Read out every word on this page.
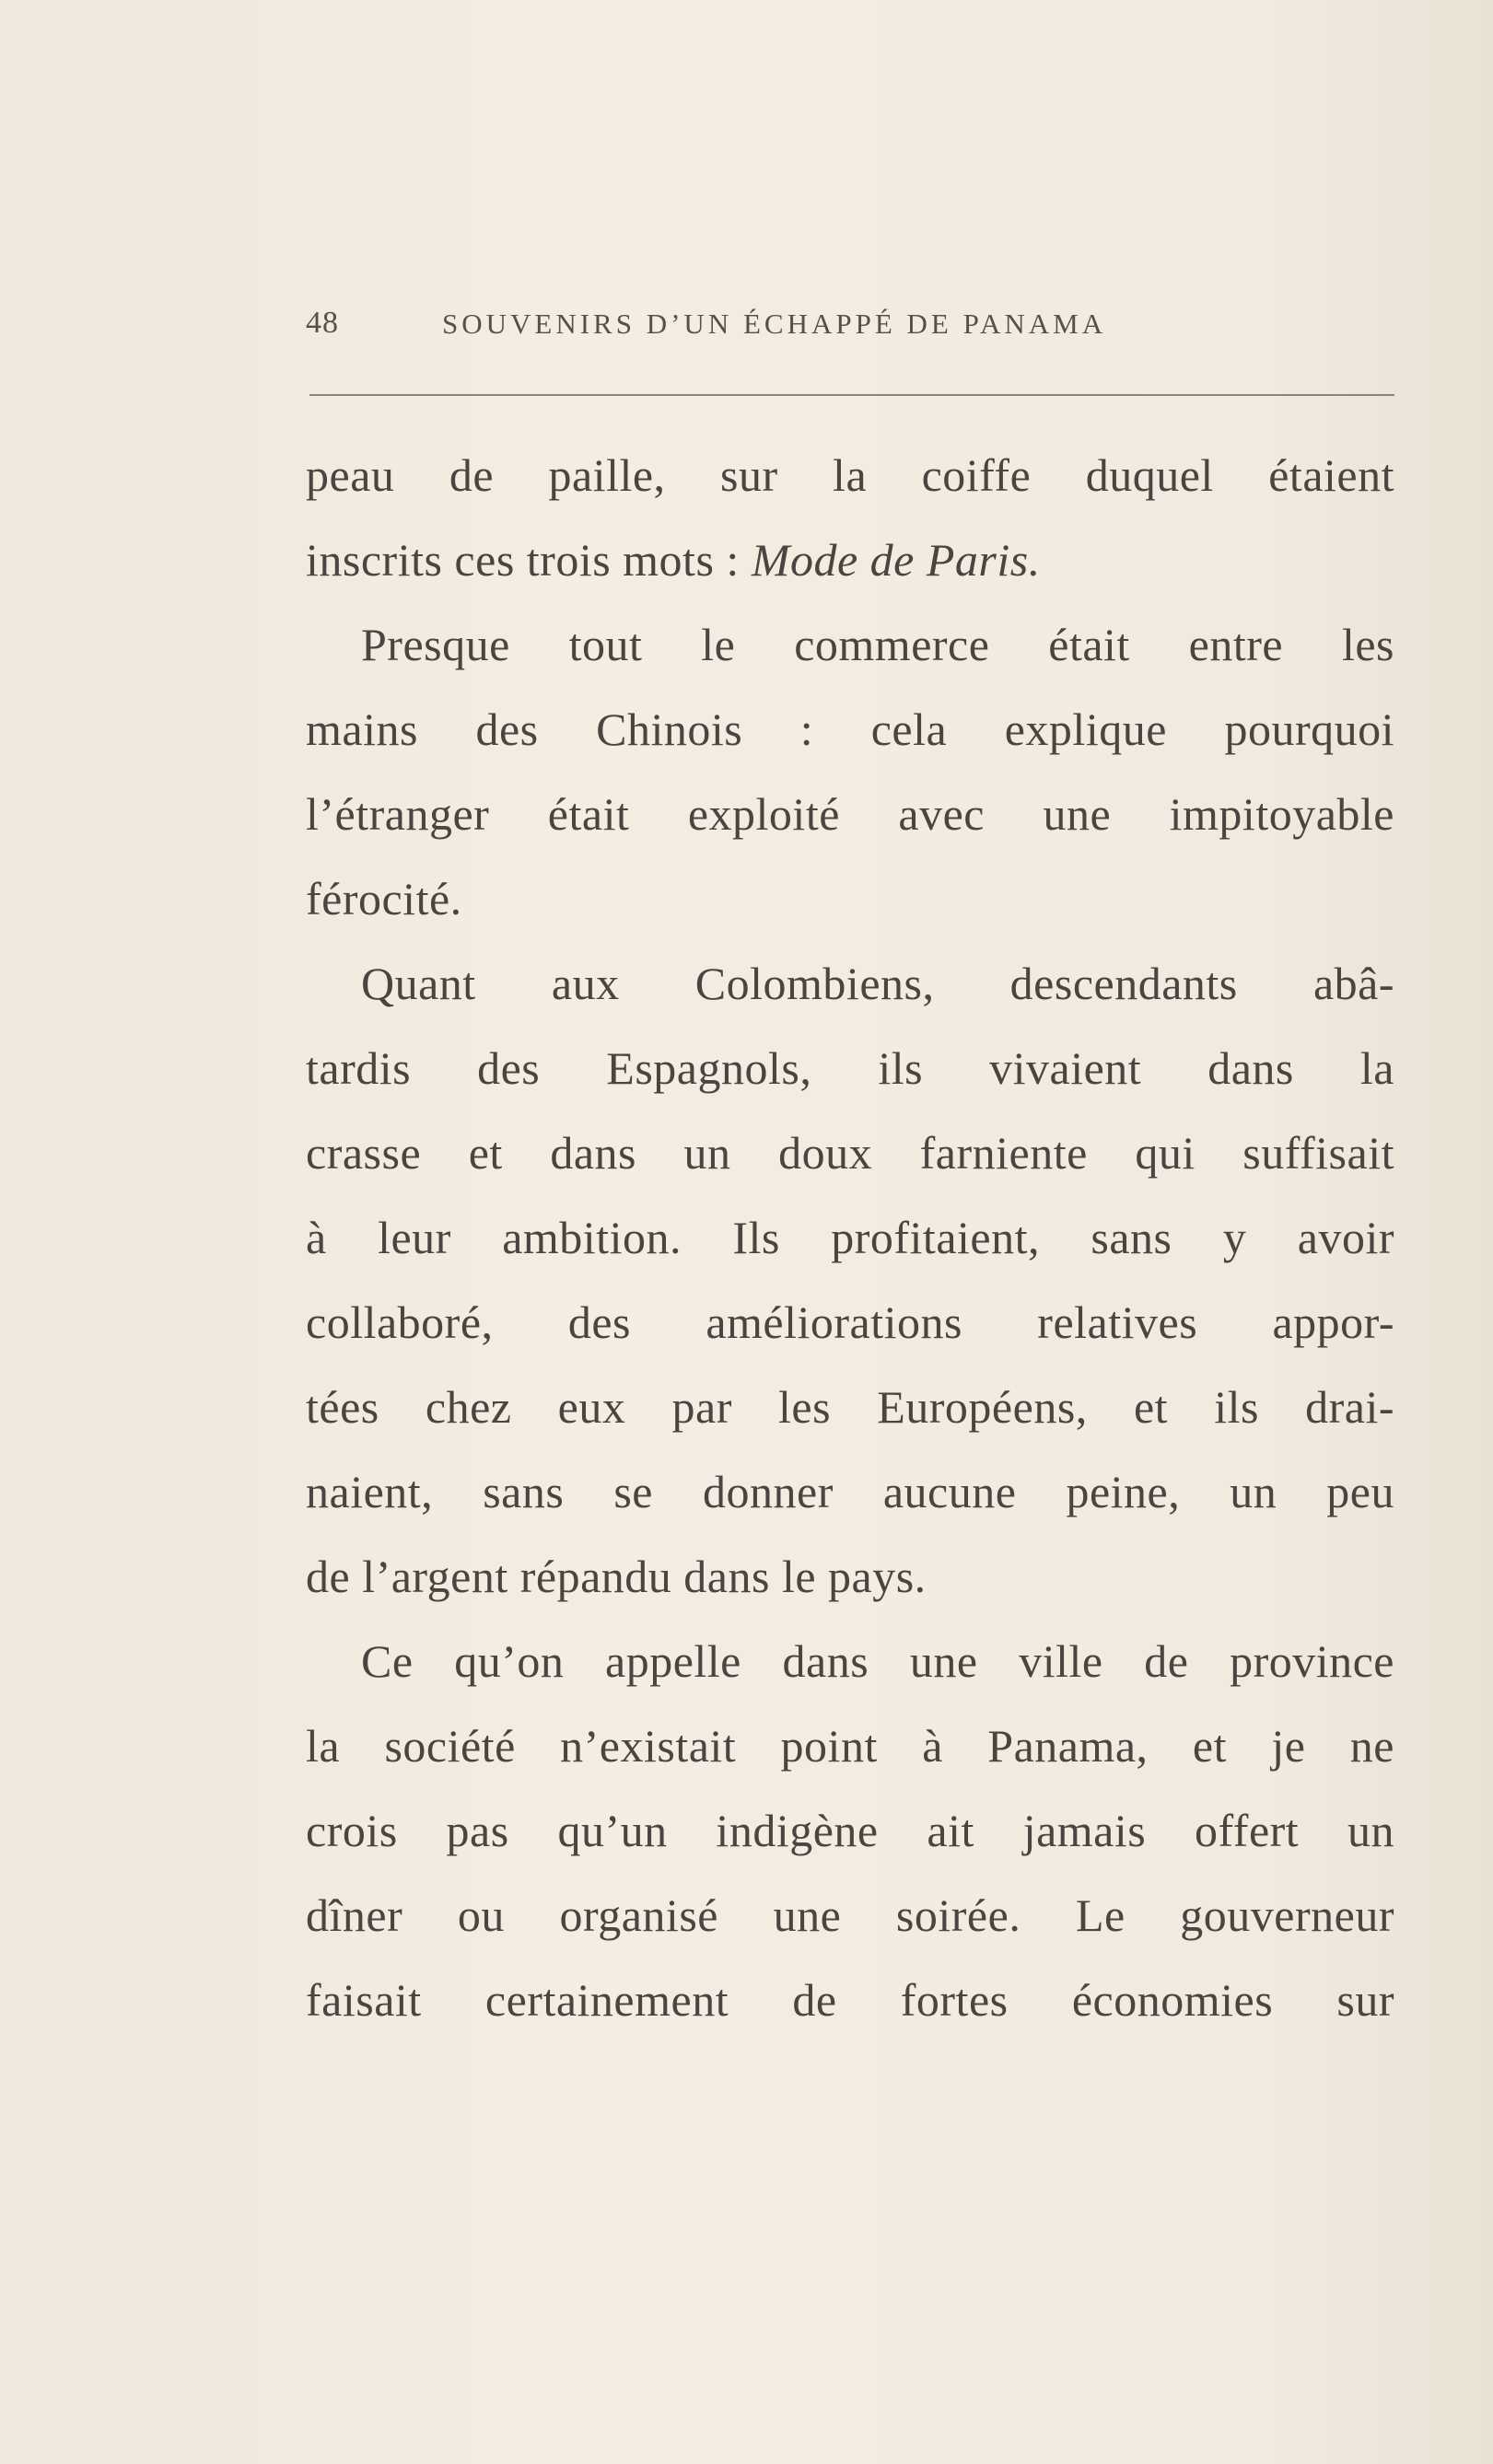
48	SOUVENIRS D’UN ÉCHAPPÉ DE PANAMA
peau de paille, sur la coiffe duquel étaient
inscrits ces trois mots : Mode de Paris.
Presque tout le commerce était entre les
mains des Chinois : cela explique pourquoi
l’étranger était exploité avec une impitoyable
férocité.
Quant aux Colombiens, descendants abâ-
tardis des Espagnols, ils vivaient dans la
crasse et dans un doux farniente qui suffisait
à leur ambition. Ils profitaient, sans y avoir
collaboré, des améliorations relatives appor-
tées chez eux par les Européens, et ils drai-
naient, sans se donner aucune peine, un peu
de l’argent répandu dans le pays.
Ce qu’on appelle dans une ville de province
la société n’existait point à Panama, et je ne
crois pas qu’un indigène ait jamais offert un
dîner ou organisé une soirée. Le gouverneur
faisait certainement de fortes économies sur
